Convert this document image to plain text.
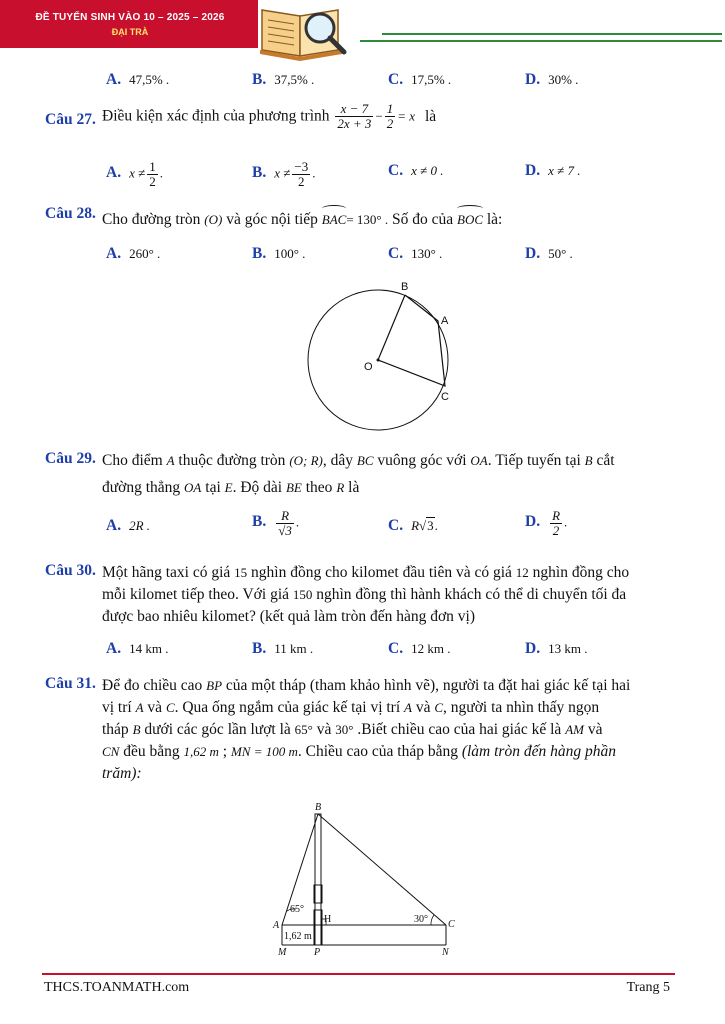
ĐỀ TUYỂN SINH VÀO 10 – 2025 – 2026
ĐẠI TRÀ
A. 47,5% .	B. 37,5% .	C. 17,5% .	D. 30% .
Câu 27. Điều kiện xác định của phương trình $\frac{x - 7}{2x + 3} - \frac{1}{2} = x$ là
A. $x \ne \frac{1}{2}$ .	B. $x \ne \frac{-3}{2}$ .	C. x ≠ 0 .	D. x ≠ 7 .
Câu 28. Cho đường tròn (O) và góc nội tiếp BAC= 130° . Số đo của BOC là:
A. 260° .	B. 100° .	C. 130° .	D. 50° .
B
A
O
C
Câu 29. Cho điểm A thuộc đường tròn (O; R), dây BC vuông góc với OA. Tiếp tuyến tại B cắt
đường thẳng OA tại E. Độ dài BE theo R là
A. 2R .	B. $\frac{R}{√3}$ .	C. R√3.	D. $\frac{R}{2}$ .
Câu 30. Một hãng taxi có giá 15 nghìn đồng cho kilomet đầu tiên và có giá 12 nghìn đồng cho
mỗi kilomet tiếp theo. Với giá 150 nghìn đồng thì hành khách có thể di chuyển tối đa
được bao nhiêu kilomet? (kết quả làm tròn đến hàng đơn vị)
A. 14 km .	B. 11 km .	C. 12 km .	D. 13 km .
Câu 31. Để đo chiều cao BP của một tháp (tham khảo hình vẽ), người ta đặt hai giác kế tại hai
vị trí A và C. Qua ống ngắm của giác kế tại vị trí A và C, người ta nhìn thấy ngọn
tháp B dưới các góc lần lượt là 65° và 30° .Biết chiều cao của hai giác kế là AM và
CN đều bằng 1,62 m ; MN = 100 m. Chiều cao của tháp bằng (làm tròn đến hàng phần
trăm):
B
A
H	C
M	P	N
65°
30°
1,62 m
THCS.TOANMATH.com	Trang 5
